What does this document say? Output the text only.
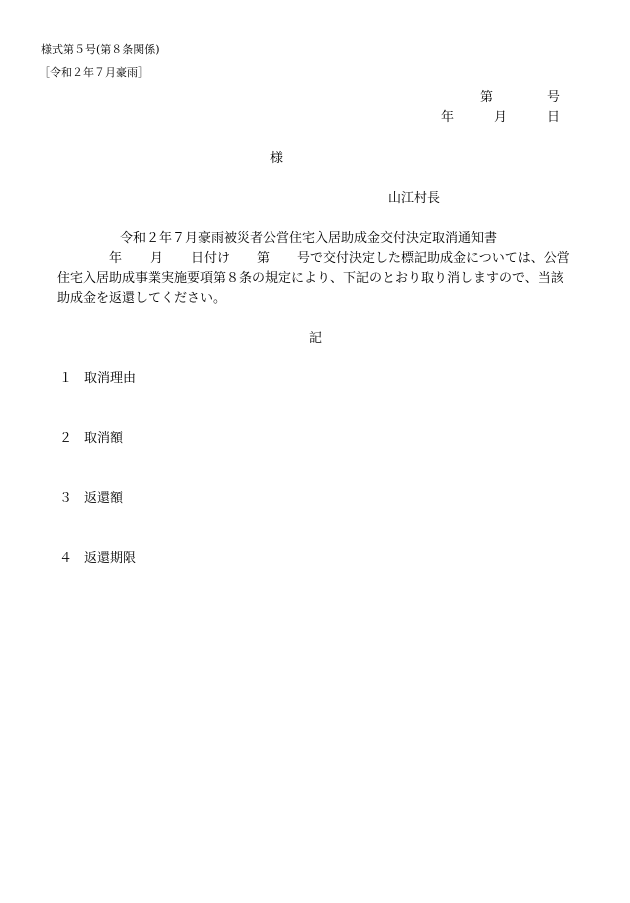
様式第５号(第８条関係)
［令和２年７月豪雨］
第	号
年	月	日
様
山江村長
令和２年７月豪雨被災者公営住宅入居助成金交付決定取消通知書
年 月 日付け 第 号で交付決定した標記助成金については、公営
住宅入居助成事業実施要項第８条の規定により、下記のとおり取り消しますので、当該
助成金を返還してください。
記
１ 取消理由
２ 取消額
３ 返還額
４ 返還期限
